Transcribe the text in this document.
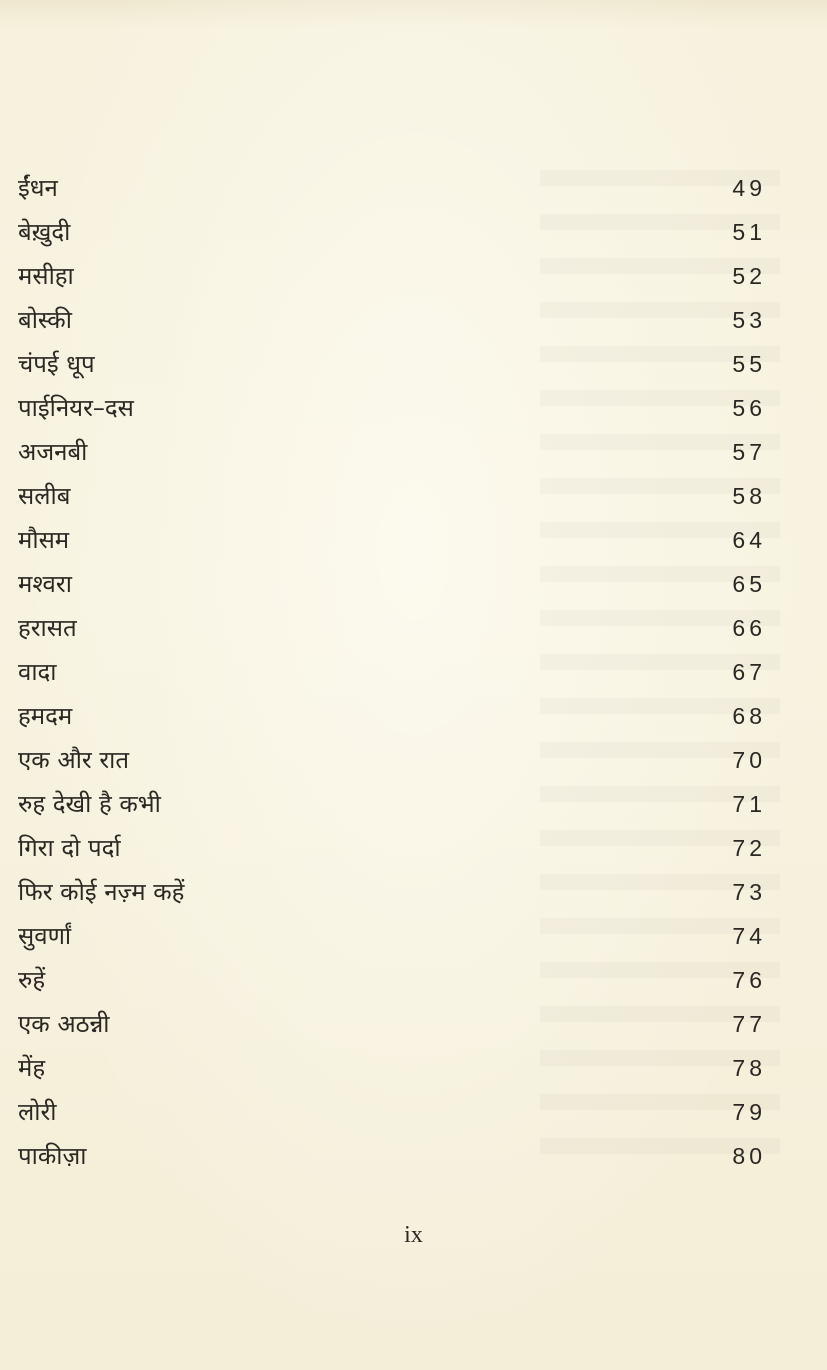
ईंधन	49
बेख़ुदी	51
मसीहा	52
बोस्की	53
चंपई धूप	55
पाईनियर–दस	56
अजनबी	57
सलीब	58
मौसम	64
मश्वरा	65
हरासत	66
वादा	67
हमदम	68
एक और रात	70
रुह देखी है कभी	71
गिरा दो पर्दा	72
फिर कोई नज़्म कहें	73
सुवर्णां	74
रुहें	76
एक अठन्नी	77
मेंह	78
लोरी	79
पाकीज़ा	80

ix
